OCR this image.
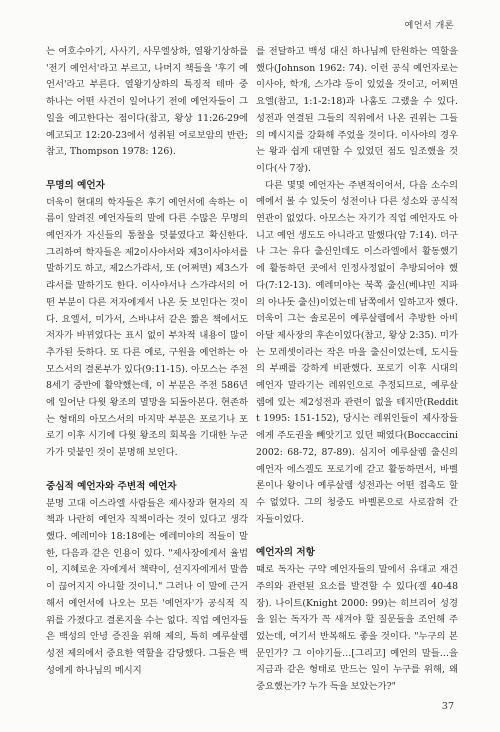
예언서 개론

는 여호수아기, 사사기, 사무엘상하, 열왕기상하를 '전기 예언서'라고 부르고, 나머지 책들을 '후기 예언서'라고 부른다. 열왕기상하의 특징적 테마 중 하나는 어떤 사건이 일어나기 전에 예언자들이 그 일을 예고한다는 점이다(참고, 왕상 11:26-29에 예고되고 12:20-23에서 성취된 여로보암의 반란; 참고, Thompson 1978: 126).

무명의 예언자

더욱이 현대의 학자들은 후기 예언서에 속하는 이름이 알려진 예언자들의 말에 다른 수많은 무명의 예언자가 자신들의 통찰을 덧붙였다고 확신한다. 그리하여 학자들은 제2이사야서와 제3이사야서를 말하기도 하고, 제2스가랴서, 또 (어쩌면) 제3스가랴서를 말하기도 한다. 이사야서나 스가랴서의 어떤 부분이 다른 저자에게서 나온 듯 보인다는 것이다. 요엘서, 미가서, 스바냐서 같은 짧은 책에서도 저자가 바뀌었다는 표시 없이 부차적 내용이 많이 추가된 듯하다. 또 다른 예로, 구원을 예언하는 아모스서의 결론부가 있다(9:11-15). 아모스는 주전 8세기 중반에 활약했는데, 이 부분은 주전 586년에 일어난 다윗 왕조의 멸망을 되돌아본다. 현존하는 형태의 아모스서의 마지막 부분은 포로기나 포로기 이후 시기에 다윗 왕조의 회복을 기대한 누군가가 덧붙인 것이 분명해 보인다.

중심적 예언자와 주변적 예언자

분명 고대 이스라엘 사람들은 제사장과 현자의 직책과 나란히 예언자 직책이라는 것이 있다고 생각했다. 예레미야 18:18에는 예레미야의 적들이 말한, 다음과 같은 인용이 있다. "제사장에게서 율법이, 지혜로운 자에게서 책략이, 선지자에게서 말씀이 끊어지지 아니할 것이니." 그러나 이 말에 근거해서 예언서에 나오는 모든 '예언자'가 공식적 직위를 가졌다고 결론지을 수는 없다. 직업 예언자들은 백성의 안녕 증진을 위해 제의, 특히 예루살렘 성전 제의에서 중요한 역할을 감당했다. 그들은 백성에게 하나님의 메시지

를 전달하고 백성 대신 하나님께 탄원하는 역할을 했다(Johnson 1962: 74). 이런 공식 예언자로는 이사야, 학개, 스가랴 등이 있었을 것이고, 어쩌면 요엘(참고, 1:1-2:18)과 나훔도 그랬을 수 있다. 성전과 연결된 그들의 직위에서 나온 권위는 그들의 메시지를 강화해 주었을 것이다. 이사야의 경우는 왕과 쉽게 대면할 수 있었던 점도 일조했을 것이다(사 7장).

다른 몇몇 예언자는 주변적이어서, 다음 소수의 예에서 볼 수 있듯이 성전이나 다른 성소와 공식적 연관이 없었다. 아모스는 자기가 직업 예언자도 아니고 예언 생도도 아니라고 말했다(암 7:14). 더구나 그는 유다 출신인데도 이스라엘에서 활동했기에 활동하던 곳에서 인정사정없이 추방되어야 했다(7:12-13). 예레미야는 북쪽 출신(베냐민 지파의 아나돗 출신)이었는데 남쪽에서 일하고자 했다. 더욱이 그는 솔로몬이 예루살렘에서 추방한 아비아달 제사장의 후손이었다(참고, 왕상 2:35). 미가는 모레셋이라는 작은 마을 출신이었는데, 도시들의 부패를 강하게 비판했다. 포로기 이후 시대의 예언자 말라기는 레위인으로 추정되므로, 예루살렘에 있는 제2성전과 관련이 없을 테지만(Redditt 1995: 151-152), 당시는 레위인들이 제사장들에게 주도권을 빼앗기고 있던 때였다(Boccaccini 2002: 68-72, 87-89). 심지어 예루살렘 출신의 예언자 에스겔도 포로기에 갇고 활동하면서, 바벨론이나 왕이나 예루살렘 성전과는 어떤 접촉도 할 수 없었다. 그의 청중도 바벨론으로 사로잡혀 간 자들이었다.

예언자의 저항

때로 독자는 구약 예언자들의 말에서 유대교 재건주의와 관련된 요소를 발견할 수 있다(겔 40-48장). 나이트(Knight 2000: 99)는 히브리어 성경을 읽는 독자가 꼭 새겨야 할 질문들을 조언해 주었는데, 여기서 반복해도 좋을 것이다. "누구의 본문인가? 그 이야기들…[그리고] 예언의 말들…을 지금과 같은 형태로 만드는 일이 누구를 위해, 왜 중요했는가? 누가 득을 보았는가?"

37
